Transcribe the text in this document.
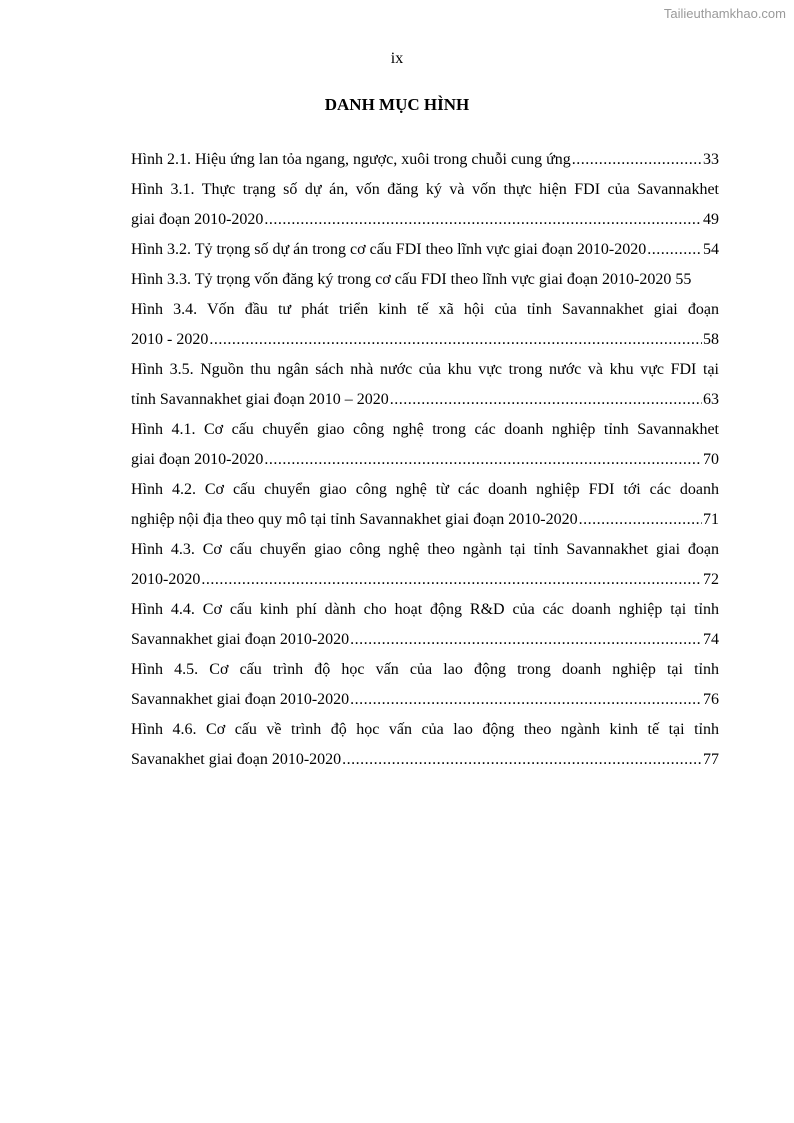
Tailieuthamkhao.com
ix
DANH MỤC HÌNH
Hình 2.1. Hiệu ứng lan tỏa ngang, ngược, xuôi trong chuỗi cung ứng .....	33
Hình 3.1. Thực trạng số dự án, vốn đăng ký và vốn thực hiện FDI của Savannakhet
giai đoạn 2010-2020 .....	49
Hình 3.2. Tỷ trọng số dự án trong cơ cấu FDI theo lĩnh vực giai đoạn 2010-2020 .....	54
Hình 3.3. Tỷ trọng vốn đăng ký trong cơ cấu FDI theo lĩnh vực giai đoạn 2010-2020 55
Hình 3.4. Vốn đầu tư phát triển kinh tế xã hội của tỉnh Savannakhet giai đoạn
2010 - 2020 .....	58
Hình 3.5. Nguồn thu ngân sách nhà nước của khu vực trong nước và khu vực FDI tại
tỉnh Savannakhet giai đoạn 2010 – 2020 .....	63
Hình 4.1. Cơ cấu chuyển giao công nghệ trong các doanh nghiệp tỉnh Savannakhet
giai đoạn 2010-2020 .....	70
Hình 4.2. Cơ cấu chuyển giao công nghệ từ các doanh nghiệp FDI tới các doanh
nghiệp nội địa theo quy mô tại tỉnh Savannakhet giai đoạn 2010-2020 .....	71
Hình 4.3. Cơ cấu chuyển giao công nghệ theo ngành tại tỉnh Savannakhet giai đoạn
2010-2020 .....	72
Hình 4.4. Cơ cấu kinh phí dành cho hoạt động R&D của các doanh nghiệp tại tỉnh
Savannakhet giai đoạn 2010-2020 .....	74
Hình 4.5. Cơ cấu trình độ học vấn của lao động trong doanh nghiệp tại tỉnh
Savannakhet giai đoạn 2010-2020 .....	76
Hình 4.6. Cơ cấu về trình độ học vấn của lao động theo ngành kinh tế tại tỉnh
Savanakhet giai đoạn 2010-2020 .....	77
